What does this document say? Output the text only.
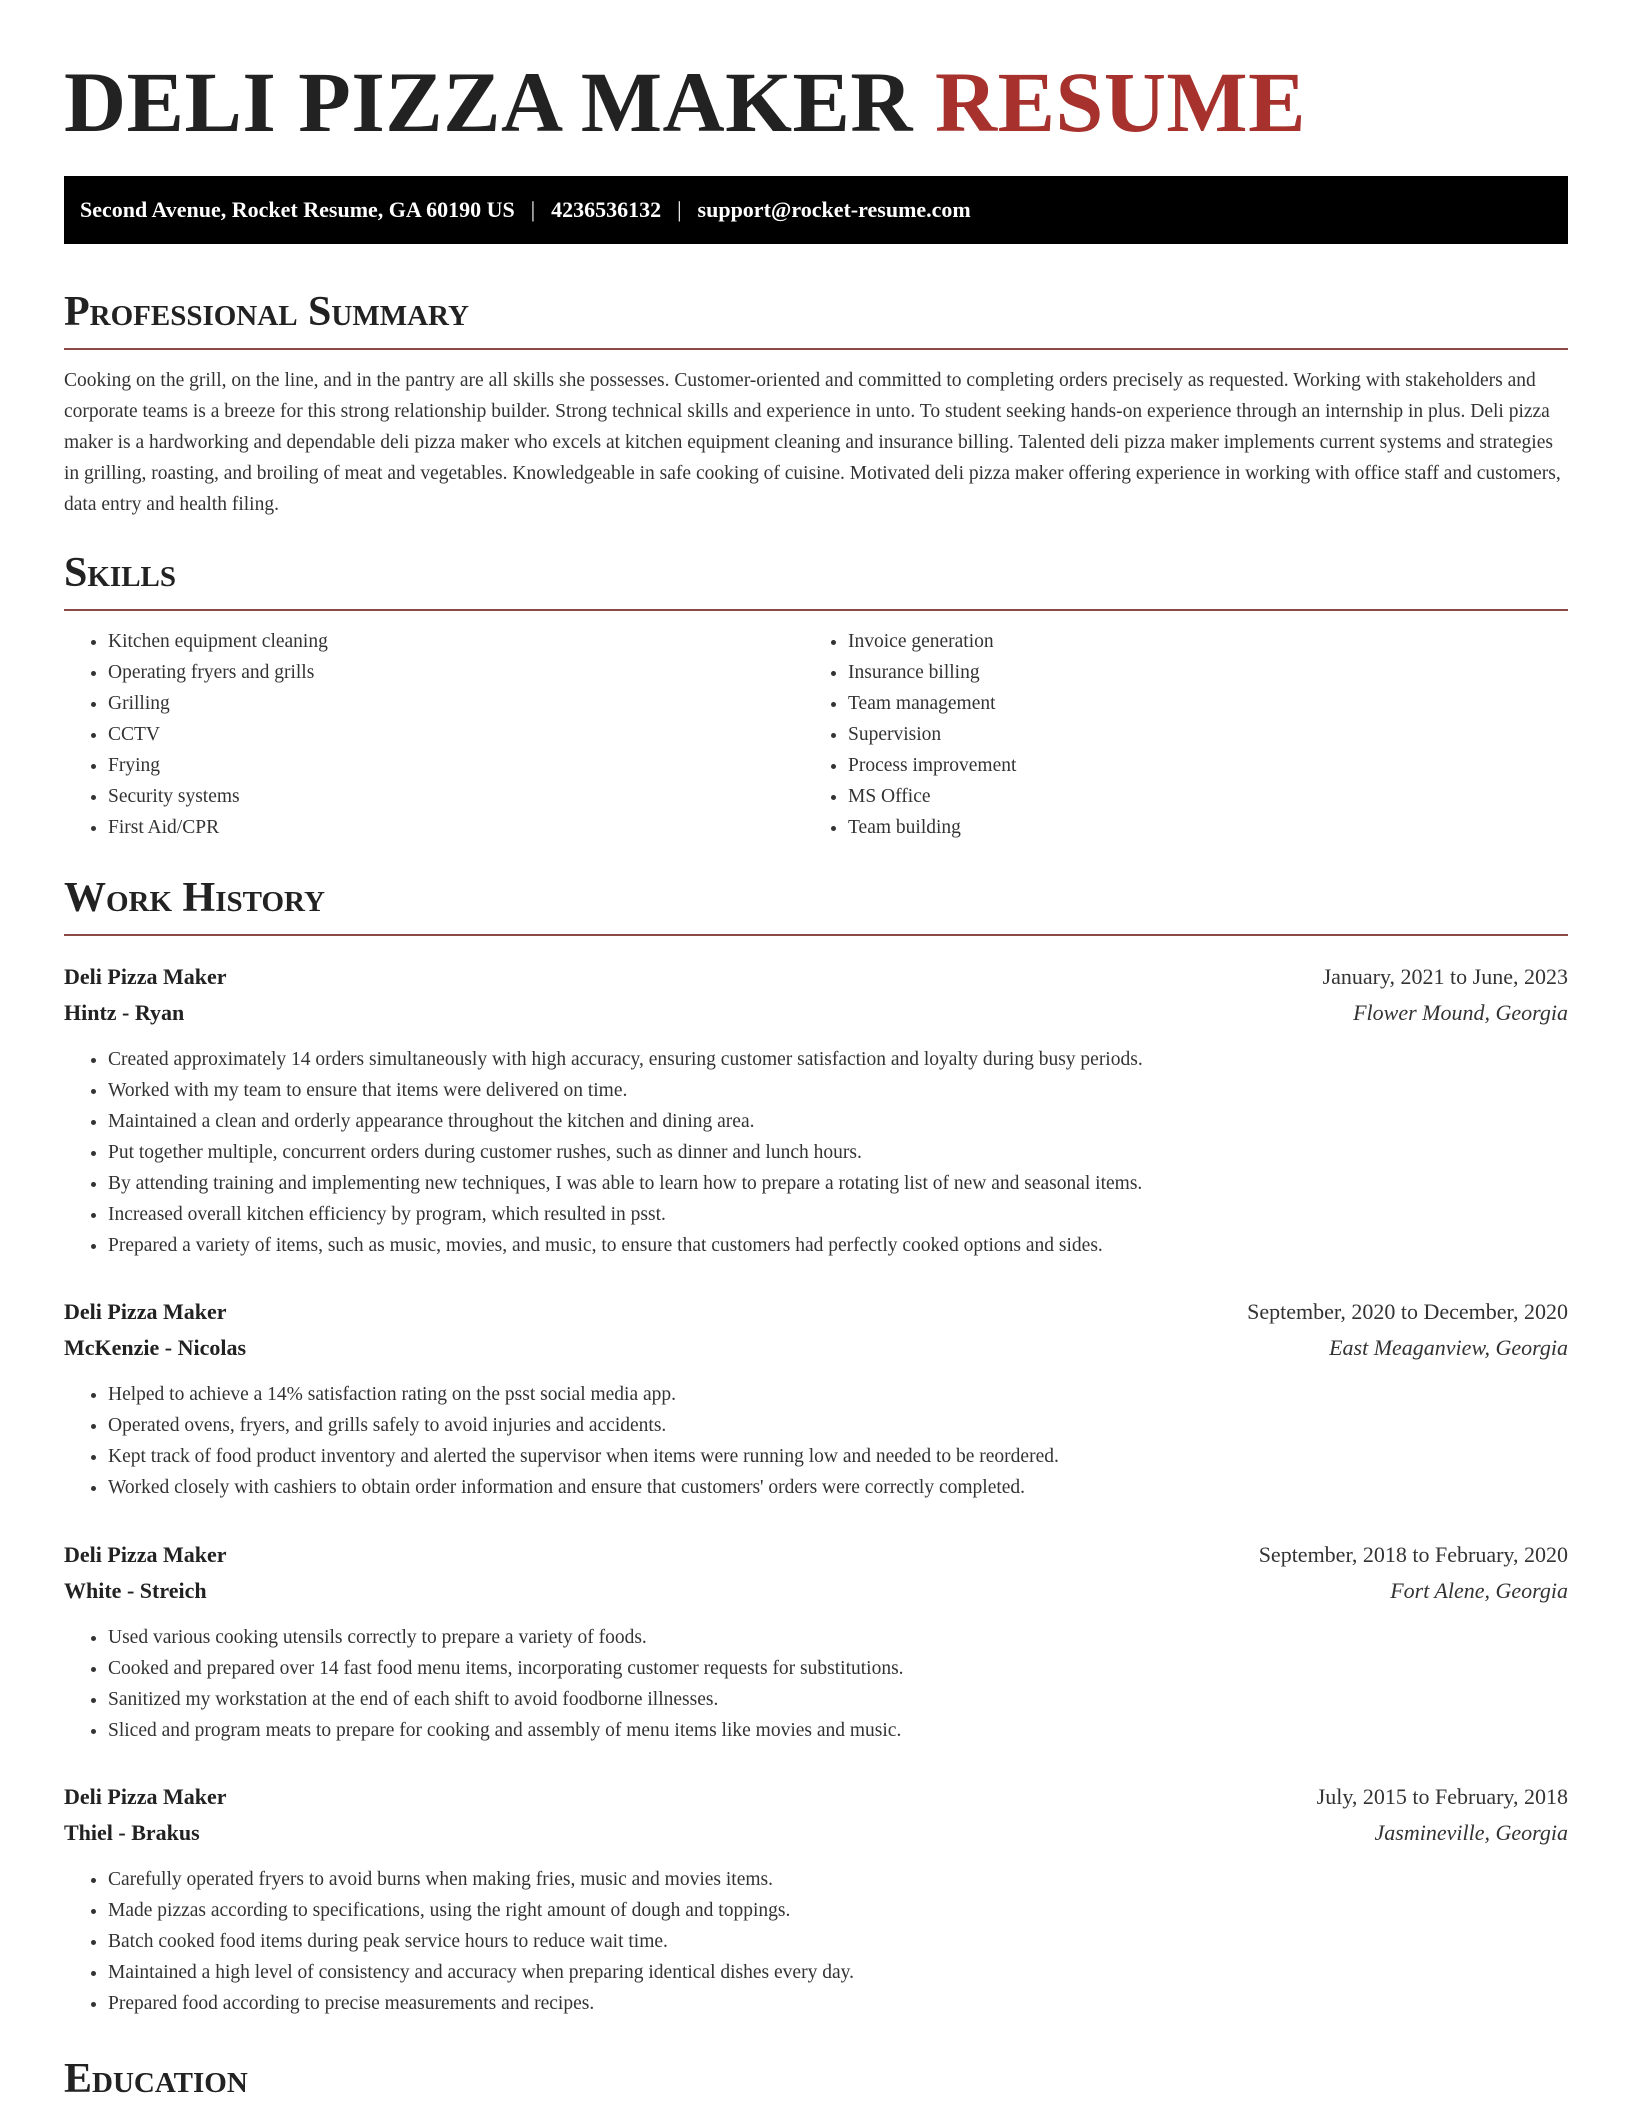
DELI PIZZA MAKER RESUME
Second Avenue, Rocket Resume, GA 60190 US | 4236536132 | support@rocket-resume.com
Professional Summary

Cooking on the grill, on the line, and in the pantry are all skills she possesses. Customer-oriented and committed to completing orders precisely as requested. Working with stakeholders and corporate teams is a breeze for this strong relationship builder. Strong technical skills and experience in unto. To student seeking hands-on experience through an internship in plus. Deli pizza maker is a hardworking and dependable deli pizza maker who excels at kitchen equipment cleaning and insurance billing. Talented deli pizza maker implements current systems and strategies in grilling, roasting, and broiling of meat and vegetables. Knowledgeable in safe cooking of cuisine. Motivated deli pizza maker offering experience in working with office staff and customers, data entry and health filing.

Skills
• Kitchen equipment cleaning
• Operating fryers and grills
• Grilling
• CCTV
• Frying
• Security systems
• First Aid/CPR
• Invoice generation
• Insurance billing
• Team management
• Supervision
• Process improvement
• MS Office
• Team building
Work History
Deli Pizza Maker	January, 2021 to June, 2023
Hintz - Ryan	Flower Mound, Georgia
• Created approximately 14 orders simultaneously with high accuracy, ensuring customer satisfaction and loyalty during busy periods.
• Worked with my team to ensure that items were delivered on time.
• Maintained a clean and orderly appearance throughout the kitchen and dining area.
• Put together multiple, concurrent orders during customer rushes, such as dinner and lunch hours.
• By attending training and implementing new techniques, I was able to learn how to prepare a rotating list of new and seasonal items.
• Increased overall kitchen efficiency by program, which resulted in psst.
• Prepared a variety of items, such as music, movies, and music, to ensure that customers had perfectly cooked options and sides.
Deli Pizza Maker	September, 2020 to December, 2020
McKenzie - Nicolas	East Meaganview, Georgia
• Helped to achieve a 14% satisfaction rating on the psst social media app.
• Operated ovens, fryers, and grills safely to avoid injuries and accidents.
• Kept track of food product inventory and alerted the supervisor when items were running low and needed to be reordered.
• Worked closely with cashiers to obtain order information and ensure that customers' orders were correctly completed.
Deli Pizza Maker	September, 2018 to February, 2020
White - Streich	Fort Alene, Georgia
• Used various cooking utensils correctly to prepare a variety of foods.
• Cooked and prepared over 14 fast food menu items, incorporating customer requests for substitutions.
• Sanitized my workstation at the end of each shift to avoid foodborne illnesses.
• Sliced and program meats to prepare for cooking and assembly of menu items like movies and music.
Deli Pizza Maker	July, 2015 to February, 2018
Thiel - Brakus	Jasmineville, Georgia
• Carefully operated fryers to avoid burns when making fries, music and movies items.
• Made pizzas according to specifications, using the right amount of dough and toppings.
• Batch cooked food items during peak service hours to reduce wait time.
• Maintained a high level of consistency and accuracy when preparing identical dishes every day.
• Prepared food according to precise measurements and recipes.
Education
